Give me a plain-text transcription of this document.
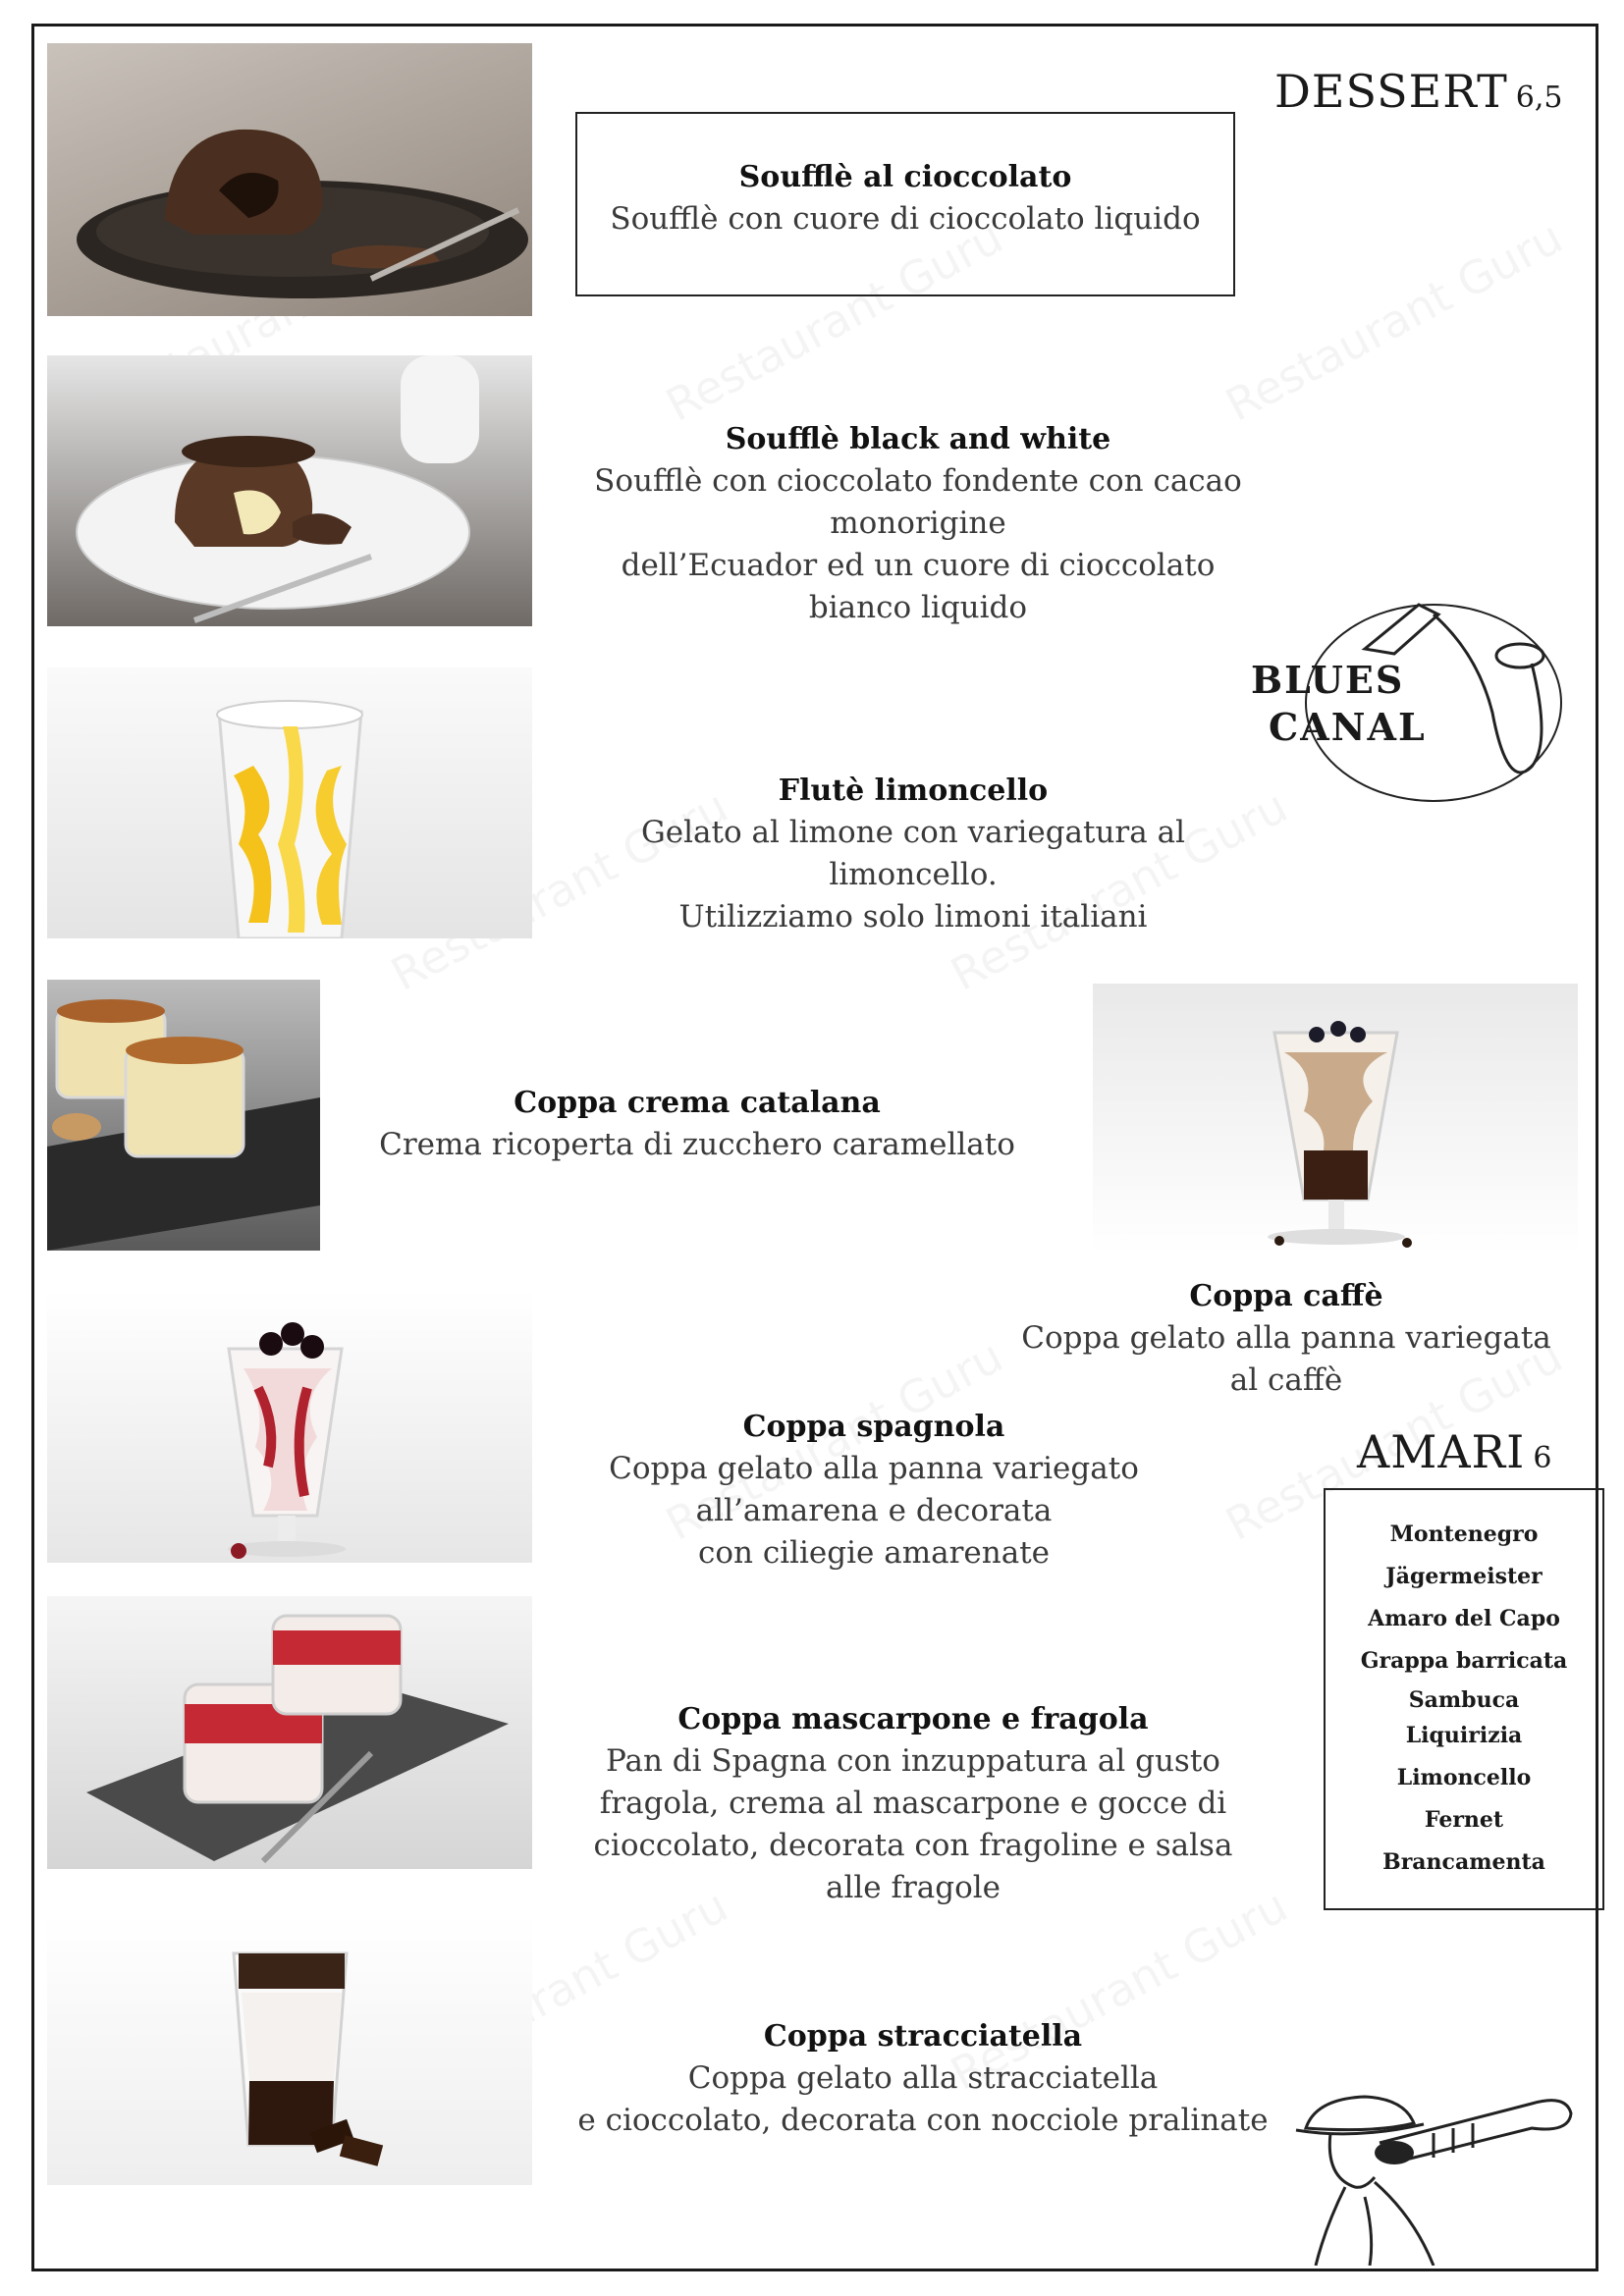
DESSERT 6,5
Soufflè al cioccolato
Soufflè con cuore di cioccolato liquido
Soufflè black and white
Soufflè con cioccolato fondente con cacao
monorigine
dell’Ecuador ed un cuore di cioccolato
bianco liquido
Flutè limoncello
Gelato al limone con variegatura al
limoncello.
Utilizziamo solo limoni italiani
Coppa crema catalana
Crema ricoperta di zucchero caramellato
Coppa caffè
Coppa gelato alla panna variegata
al caffè
Coppa spagnola
Coppa gelato alla panna variegato
all’amarena e decorata
con ciliegie amarenate
Coppa mascarpone e fragola
Pan di Spagna con inzuppatura al gusto
fragola, crema al mascarpone e gocce di
cioccolato, decorata con fragoline e salsa
alle fragole
Coppa stracciatella
Coppa gelato alla stracciatella
e cioccolato, decorata con nocciole pralinate
BLUES
CANAL
AMARI 6
Montenegro
Jägermeister
Amaro del Capo
Grappa barricata
Sambuca
Liquirizia
Limoncello
Fernet
Brancamenta
